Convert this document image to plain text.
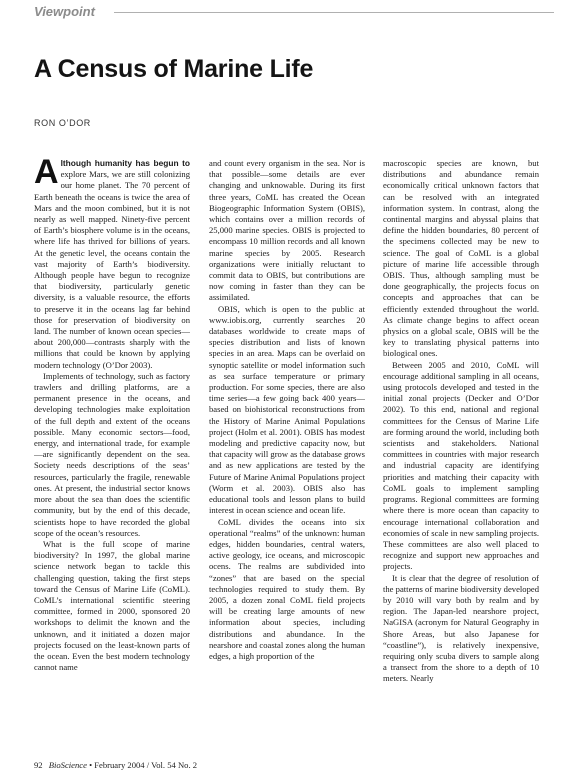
Viewpoint
A Census of Marine Life
RON O’DOR

Although humanity has begun to explore Mars, we are still colonizing our home planet. The 70 percent of Earth beneath the oceans is twice the area of Mars and the moon combined, but it is not nearly as well mapped. Ninety-five percent of Earth’s biosphere volume is in the oceans, where life has thrived for billions of years. At the genetic level, the oceans contain the vast majority of Earth’s biodiversity. Although people have begun to recognize that biodiversity, particularly genetic diversity, is a valuable resource, the efforts to preserve it in the oceans lag far behind those for preservation of biodiversity on land. The number of known ocean species—about 200,000—contrasts sharply with the millions that could be known by applying modern technology (O’Dor 2003).

Implements of technology, such as factory trawlers and drilling platforms, are a permanent presence in the oceans, and developing technologies make exploitation of the full depth and extent of the oceans possible. Many economic sectors—food, energy, and international trade, for example—are significantly dependent on the sea. Society needs descriptions of the seas’ resources, particularly the fragile, renewable ones. At present, the industrial sector knows more about the sea than does the scientific community, but by the end of this decade, scientists hope to have recorded the global scope of the ocean’s resources.

What is the full scope of marine biodiversity? In 1997, the global marine science network began to tackle this challenging question, taking the first steps toward the Census of Marine Life (CoML). CoML’s international scientific steering committee, formed in 2000, sponsored 20 workshops to delimit the known and the unknown, and it initiated a dozen major projects focused on the least-known parts of the ocean. Even the best modern technology cannot name

and count every organism in the sea. Nor is that possible—some details are ever changing and unknowable. During its first three years, CoML has created the Ocean Biogeographic Information System (OBIS), which contains over a million records of 25,000 marine species. OBIS is projected to encompass 10 million records and all known marine species by 2005. Research organizations were initially reluctant to commit data to OBIS, but contributions are now coming in faster than they can be assimilated.

OBIS, which is open to the public at www.iobis.org, currently searches 20 databases worldwide to create maps of species distribution and lists of known species in an area. Maps can be overlaid on synoptic satellite or model information such as sea surface temperature or primary production. For some species, there are also time series—a few going back 400 years—based on biohistorical reconstructions from the History of Marine Animal Populations project (Holm et al. 2001). OBIS has modest modeling and predictive capacity now, but that capacity will grow as the database grows and as new applications are tested by the Future of Marine Animal Populations project (Worm et al. 2003). OBIS also has educational tools and lesson plans to build interest in ocean science and ocean life.

CoML divides the oceans into six operational “realms” of the unknown: human edges, hidden boundaries, central waters, active geology, ice oceans, and microscopic ocens. The realms are subdivided into “zones” that are based on the special technologies required to study them. By 2005, a dozen zonal CoML field projects will be creating large amounts of new information about species, including distributions and abundance. In the nearshore and coastal zones along the human edges, a high proportion of the

macroscopic species are known, but distributions and abundance remain economically critical unknown factors that can be resolved with an integrated information system. In contrast, along the continental margins and abyssal plains that define the hidden boundaries, 80 percent of the specimens collected may be new to science. The goal of CoML is a global picture of marine life accessible through OBIS. Thus, although sampling must be done geographically, the projects focus on concepts and approaches that can be efficiently extended throughout the world. As climate change begins to affect ocean physics on a global scale, OBIS will be the key to translating physical patterns into biological ones.

Between 2005 and 2010, CoML will encourage additional sampling in all oceans, using protocols developed and tested in the initial zonal projects (Decker and O’Dor 2002). To this end, national and regional committees for the Census of Marine Life are forming around the world, including both scientists and stakeholders. National committees in countries with major research and industrial capacity are identifying priorities and matching their capacity with CoML goals to implement sampling programs. Regional committees are forming where there is more ocean than capacity to encourage international collaboration and economies of scale in new sampling projects. These committees are also well placed to recognize and support new approaches and projects.

It is clear that the degree of resolution of the patterns of marine biodiversity developed by 2010 will vary both by realm and by region. The Japan-led nearshore project, NaGISA (acronym for Natural Geography in Shore Areas, but also Japanese for “coastline”), is relatively inexpensive, requiring only scuba divers to sample along a transect from the shore to a depth of 10 meters. Nearly

92 BioScience • February 2004 / Vol. 54 No. 2
